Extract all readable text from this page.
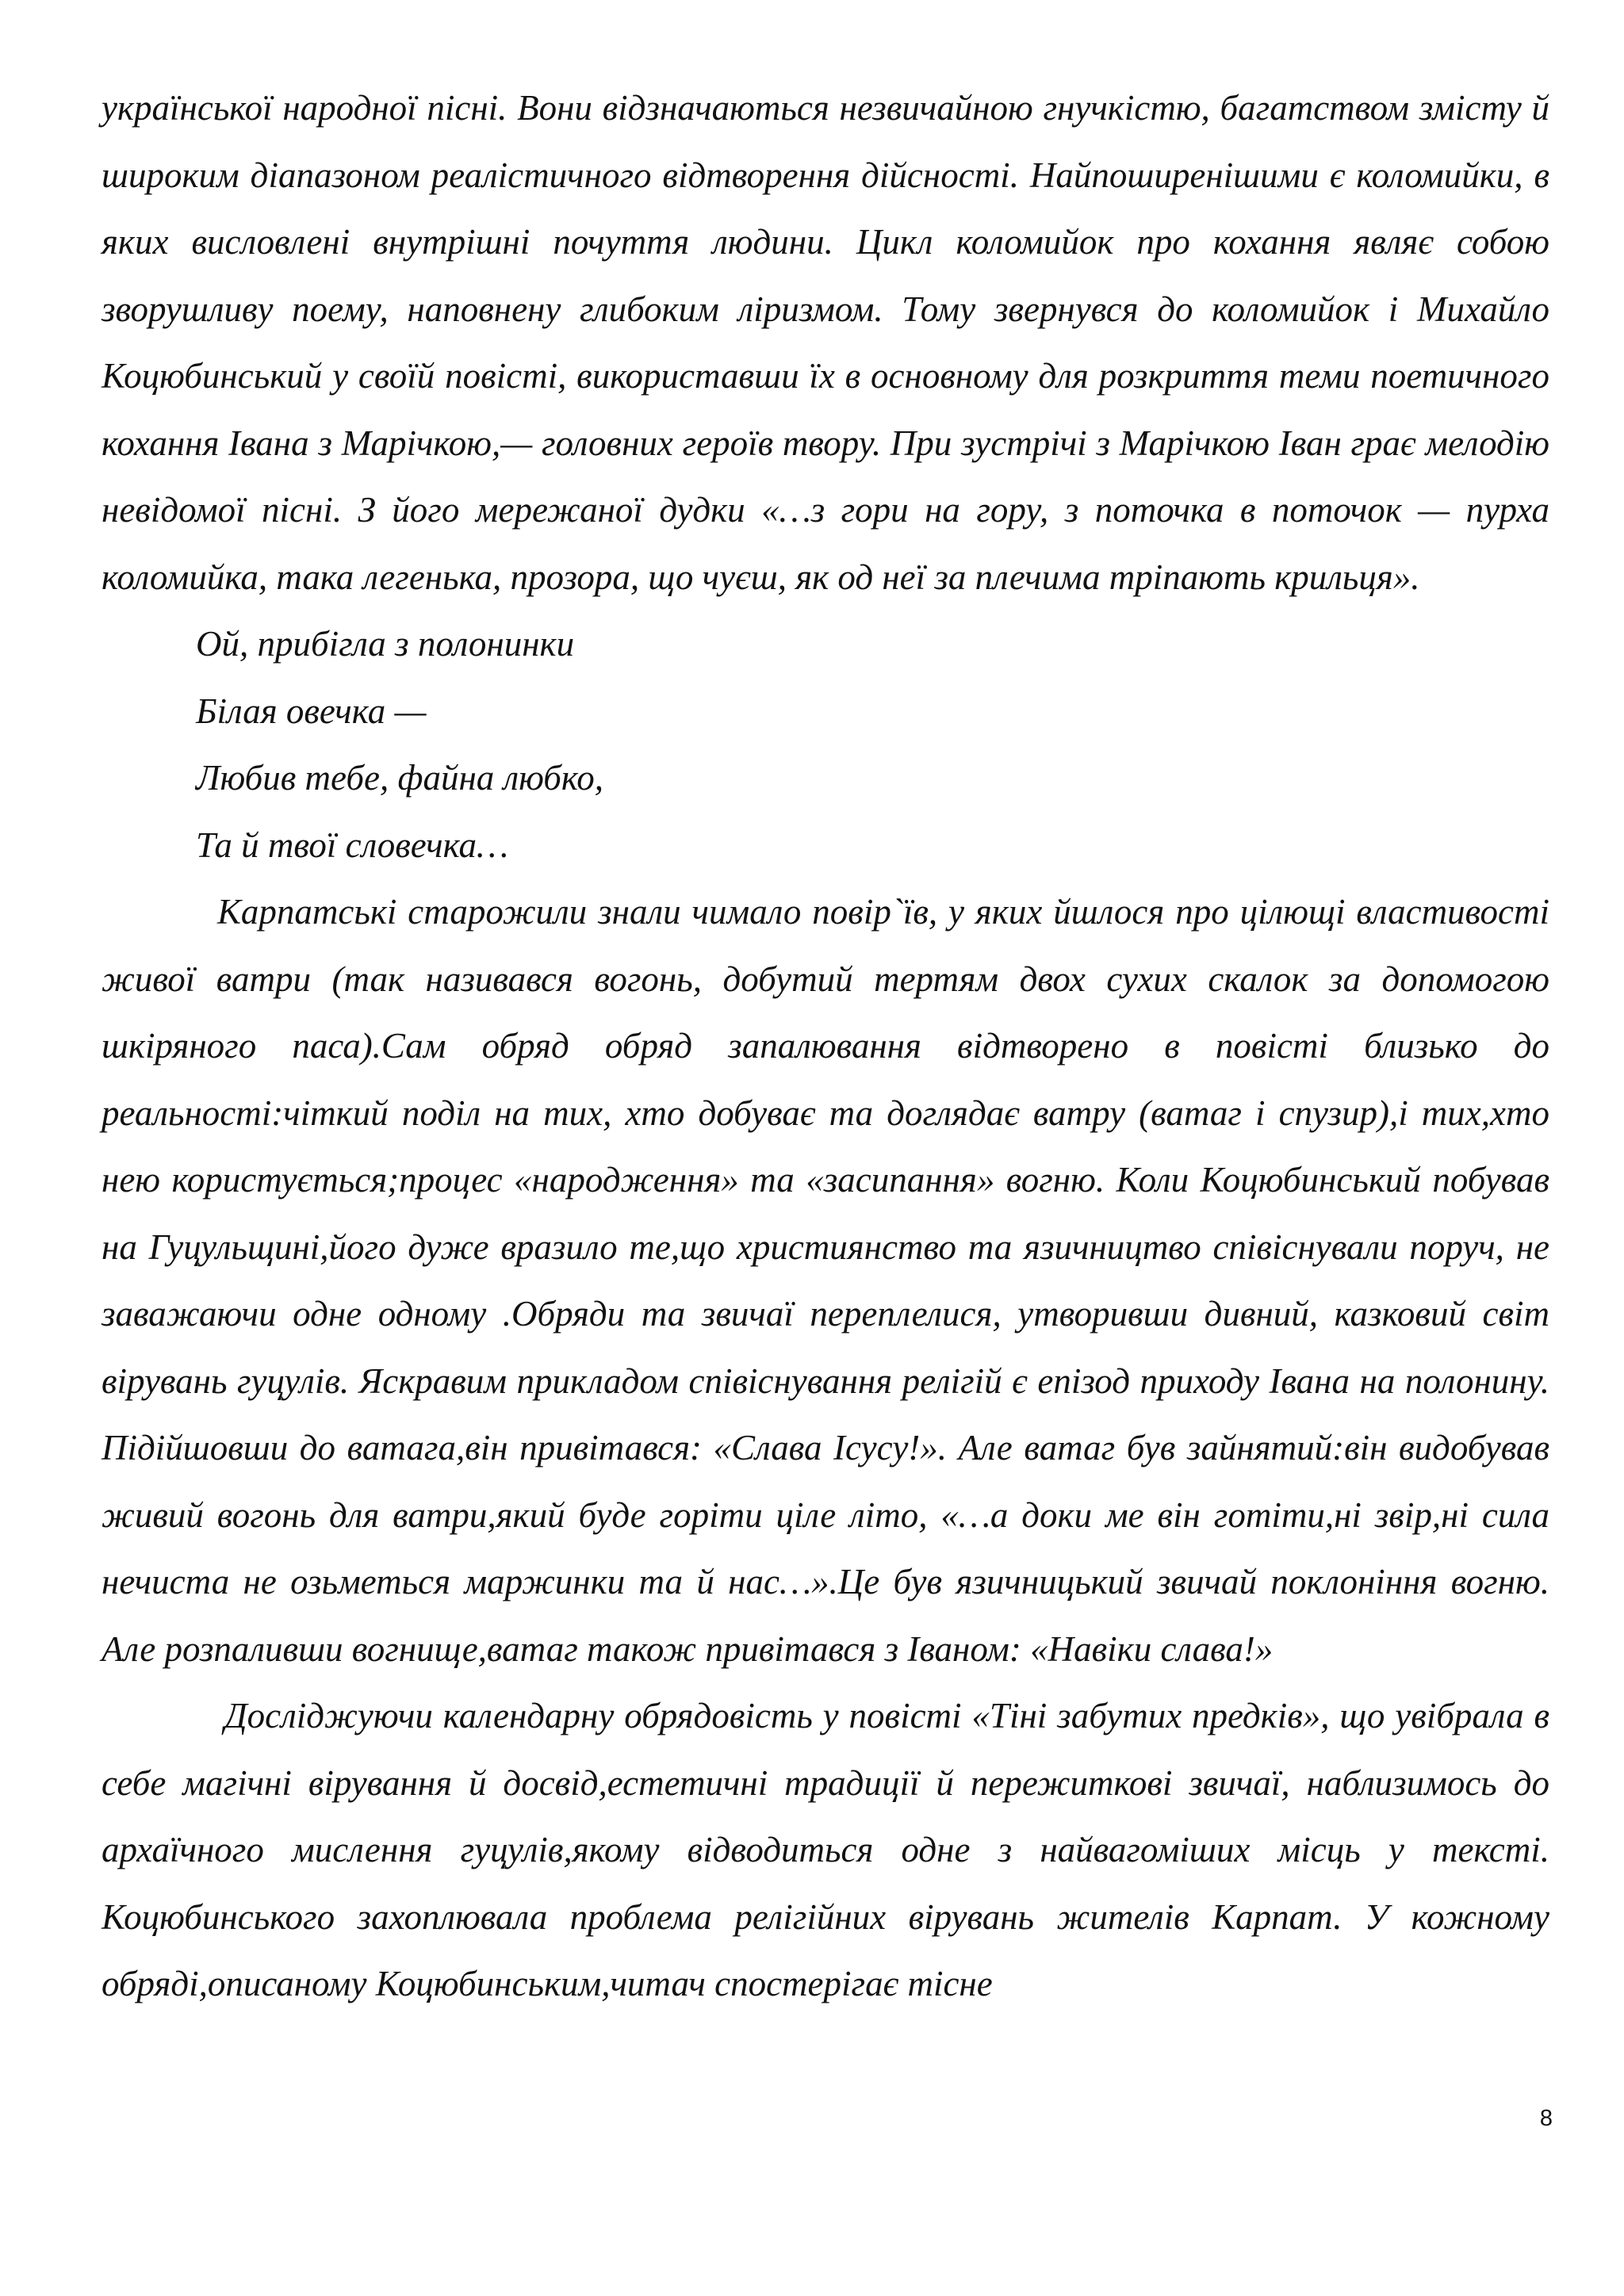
української народної пісні. Вони відзначаються незвичайною гнучкістю, багатством змісту й широким діапазоном реалістичного відтворення дійсності. Найпоширенішими є коломийки, в яких висловлені внутрішні почуття людини. Цикл коломийок про кохання являє собою зворушливу поему, наповнену глибоким ліризмом. Тому звернувся до коломийок і Михайло Коцюбинський у своїй повісті, використавши їх в основному для розкриття теми поетичного кохання Івана з Марічкою,— головних героїв твору. При зустрічі з Марічкою Іван грає мелодію невідомої пісні. З його мережаної дудки «…з гори на гору, з поточка в поточок — пурха коломийка, така легенька, прозора, що чуєш, як од неї за плечима тріпають крильця».

Ой, прибігла з полонинки
Білая овечка —
Любив тебе, файна любко,
Та й твої словечка…

Карпатські старожили знали чимало повір`їв, у яких йшлося про цілющі властивості живої ватри (так називався вогонь, добутий тертям двох сухих скалок за допомогою шкіряного паса).Сам обряд обряд запалювання відтворено в повісті близько до реальності:чіткий поділ на тих, хто добуває та доглядає ватру (ватаг і спузир),і тих,хто нею користується;процес «народження» та «засипання» вогню. Коли Коцюбинський побував на Гуцульщині,його дуже вразило те,що християнство та язичництво співіснували поруч, не заважаючи одне одному .Обряди та звичаї переплелися, утворивши дивний, казковий світ вірувань гуцулів. Яскравим прикладом співіснування релігій є епізод приходу Івана на полонину. Підійшовши до ватага,він привітався: «Слава Ісусу!». Але ватаг був зайнятий:він видобував живий вогонь для ватри,який буде горіти ціле літо, «…а доки ме він готіти,ні звір,ні сила нечиста не озьметься маржинки та й нас…».Це був язичницький звичай поклоніння вогню. Але розпаливши вогнище,ватаг також привітався з Іваном: «Навіки слава!»

Досліджуючи календарну обрядовість у повісті «Тіні забутих предків», що увібрала в себе магічні вірування й досвід,естетичні традиції й пережиткові звичаї, наблизимось до архаїчного мислення гуцулів,якому відводиться одне з найвагоміших місць у тексті. Коцюбинського захоплювала проблема релігійних вірувань жителів Карпат. У кожному обряді,описаному Коцюбинським,читач спостерігає тісне

8
